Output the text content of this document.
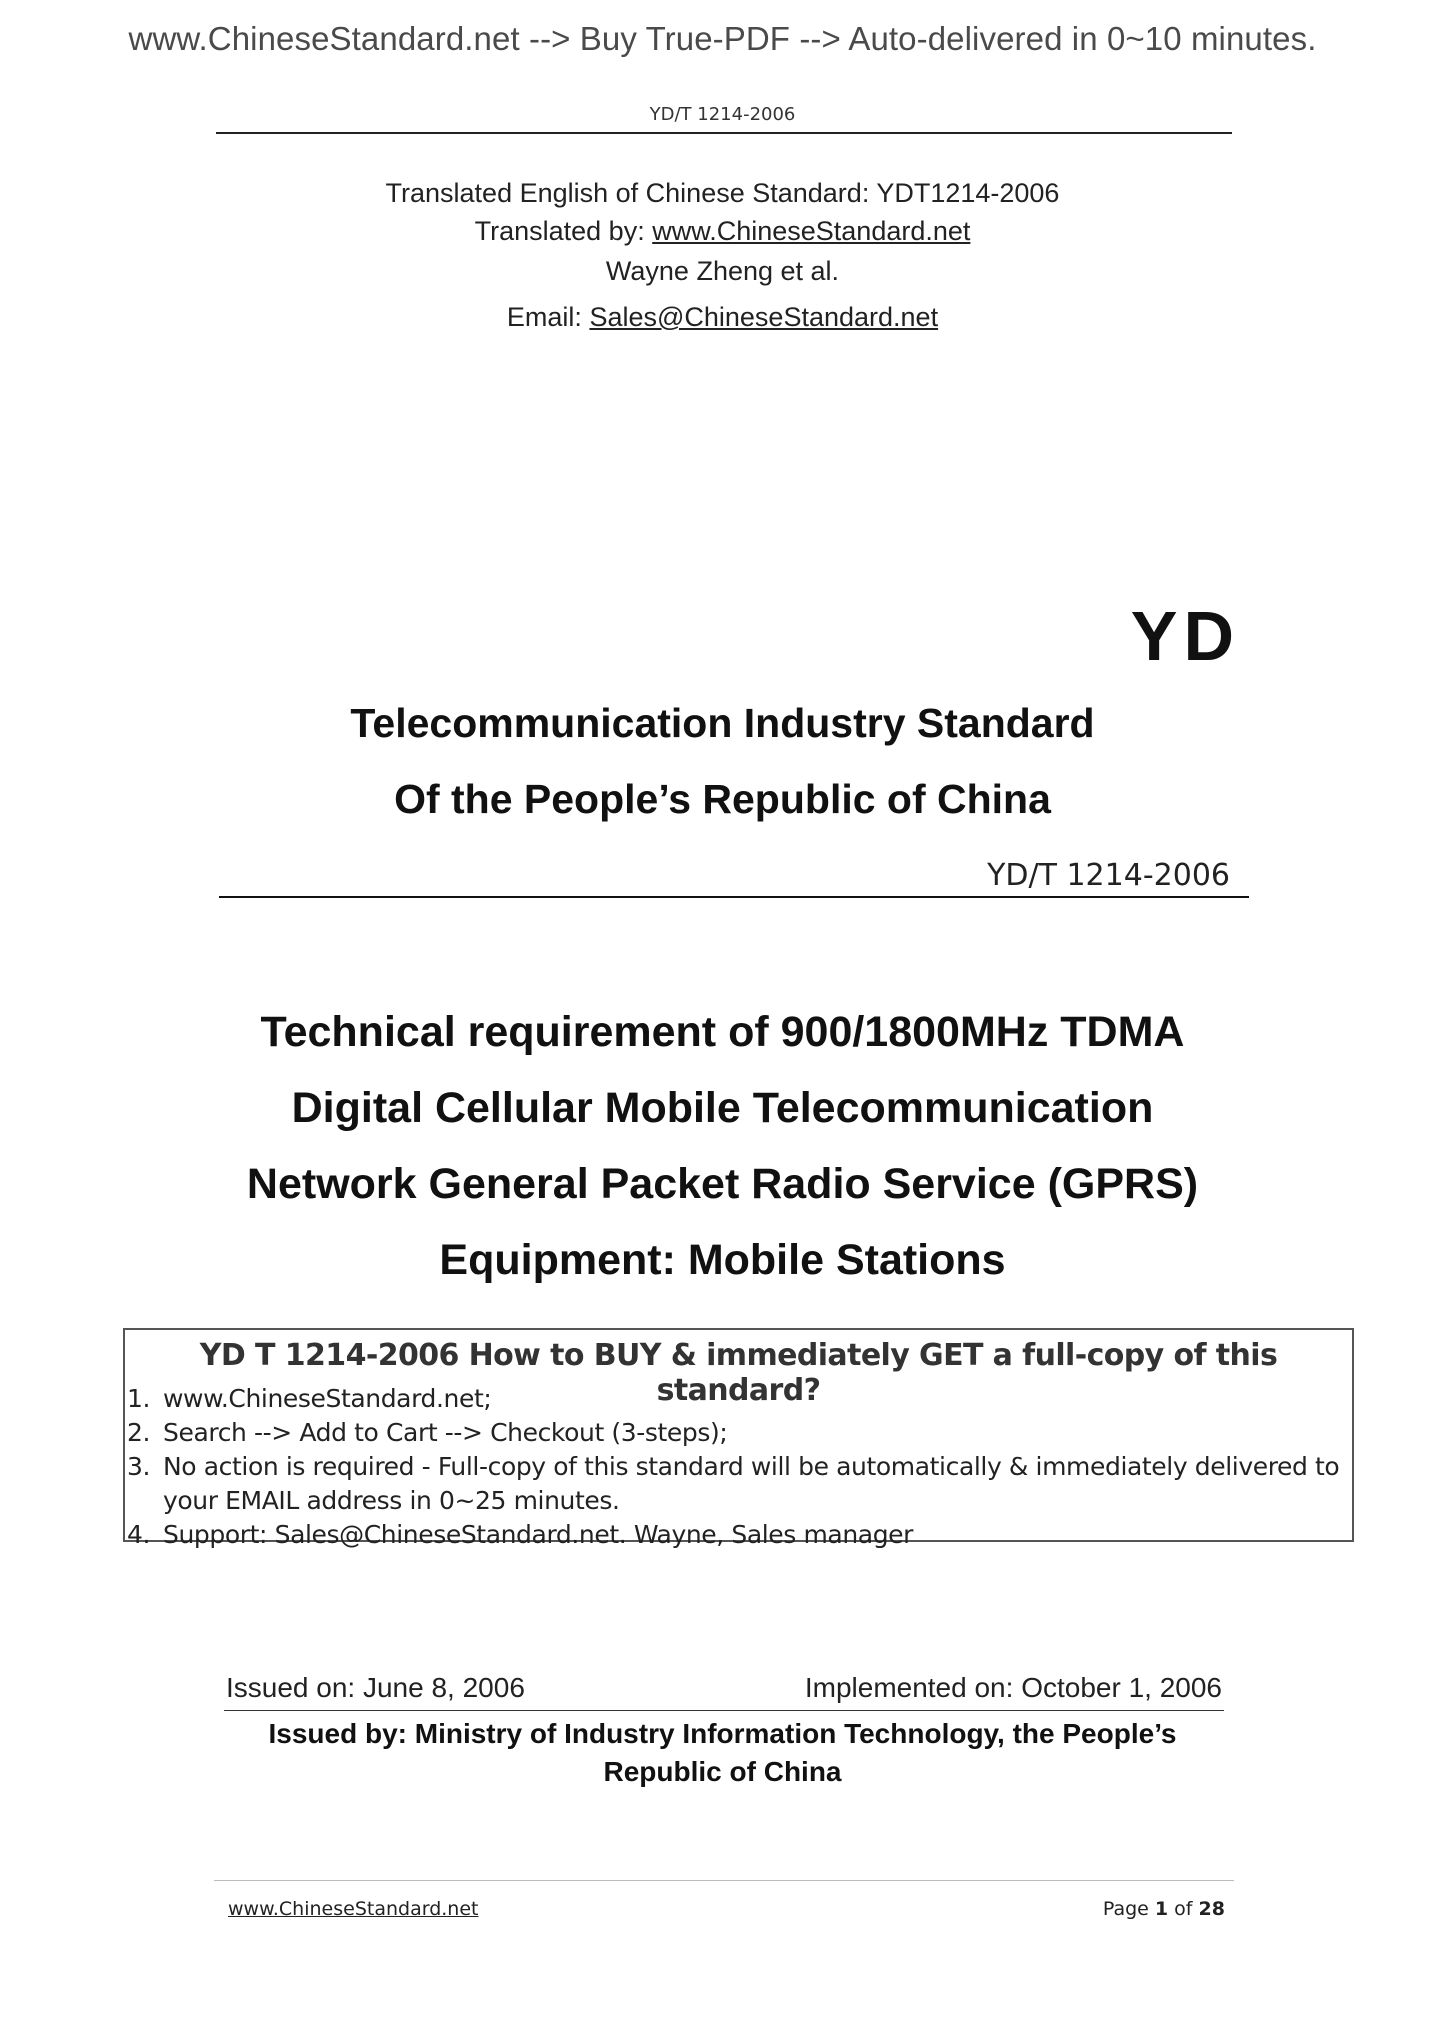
www.ChineseStandard.net --> Buy True-PDF --> Auto-delivered in 0~10 minutes.
YD/T 1214-2006
Translated English of Chinese Standard: YDT1214-2006
Translated by: www.ChineseStandard.net
Wayne Zheng et al.
Email: Sales@ChineseStandard.net
YD
Telecommunication Industry Standard
Of the People’s Republic of China
YD/T 1214-2006
Technical requirement of 900/1800MHz TDMA
Digital Cellular Mobile Telecommunication
Network General Packet Radio Service (GPRS)
Equipment: Mobile Stations
YD T 1214-2006 How to BUY & immediately GET a full-copy of this standard?
1. www.ChineseStandard.net;
2. Search --> Add to Cart --> Checkout (3-steps);
3. No action is required - Full-copy of this standard will be automatically & immediately delivered to your EMAIL address in 0~25 minutes.
4. Support: Sales@ChineseStandard.net. Wayne, Sales manager
Issued on: June 8, 2006	Implemented on: October 1, 2006
Issued by: Ministry of Industry Information Technology, the People’s
Republic of China
www.ChineseStandard.net	Page 1 of 28
